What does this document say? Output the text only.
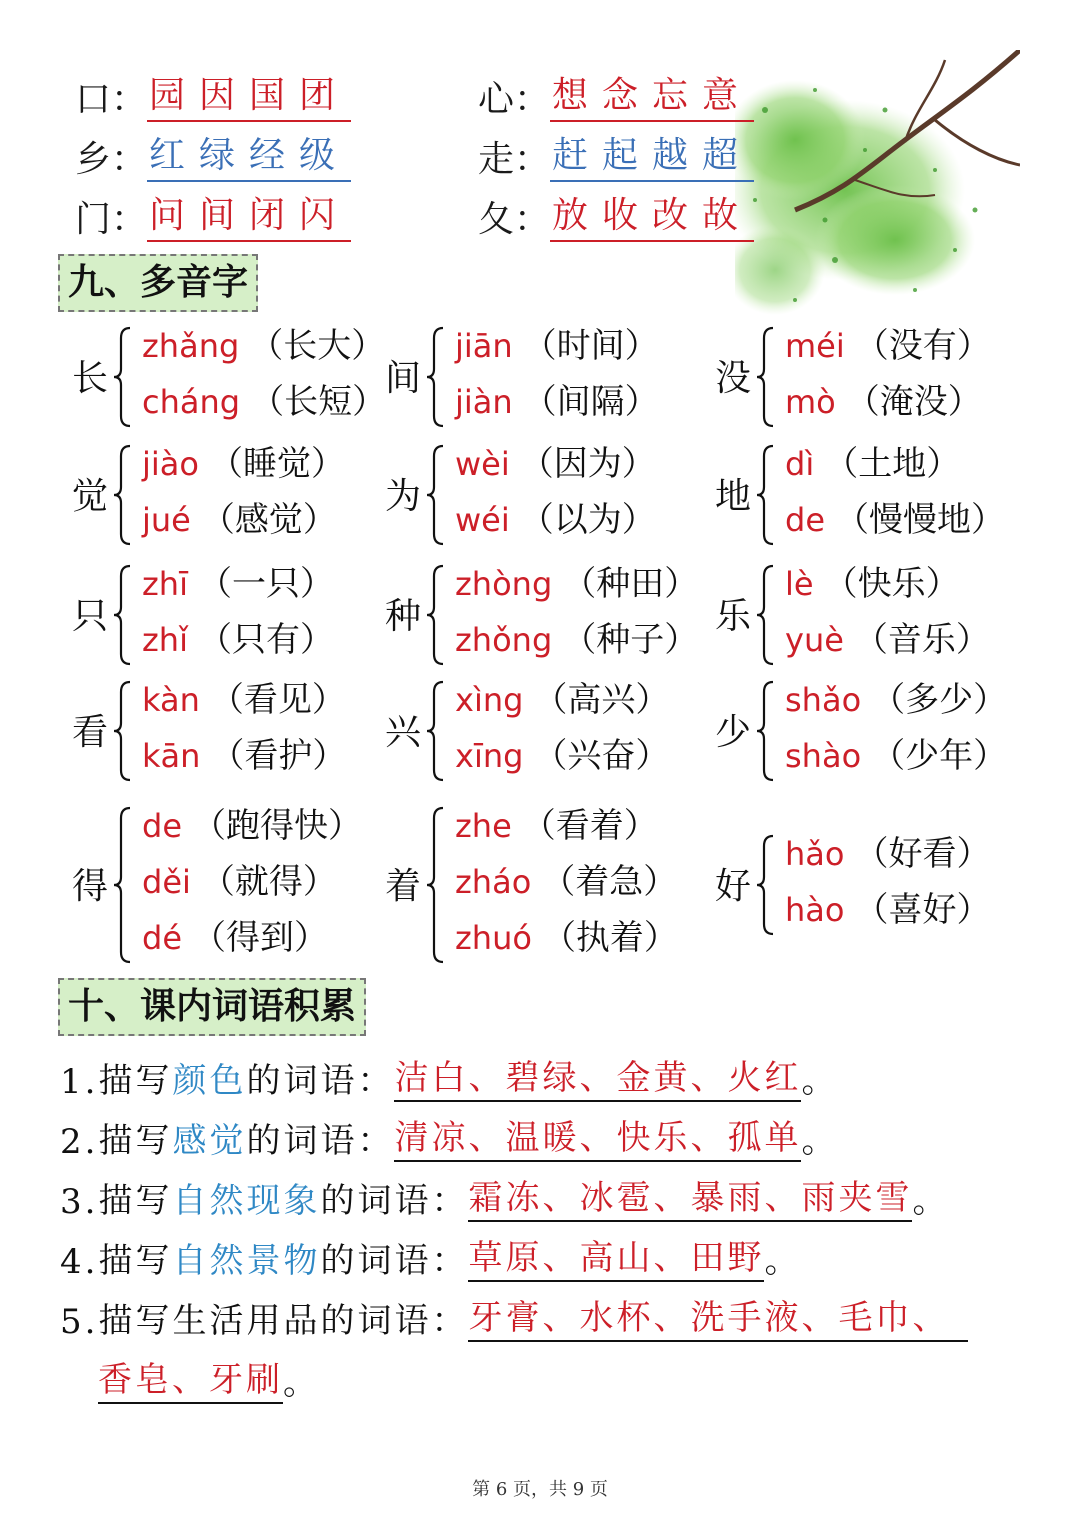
口： 园因国团
乡： 红绿经级
门： 问间闭闪
心： 想念忘意
走： 赶起越超
夂： 放收改故
九、多音字
长
zhǎng （长大）
cháng （长短）
间
jiān （时间）
jiàn （间隔）
没
méi （没有）
mò （淹没）
觉
jiào （睡觉）
jué （感觉）
为
wèi （因为）
wéi （以为）
地
dì （土地）
de （慢慢地）
只
zhī （一只）
zhǐ （只有）
种
zhòng （种田）
zhǒng （种子）
乐
lè （快乐）
yuè （音乐）
看
kàn （看见）
kān （看护）
兴
xìng （高兴）
xīng （兴奋）
少
shǎo （多少）
shào （少年）
得
de （跑得快）
děi （就得）
dé （得到）
着
zhe （看着）
zháo （着急）
zhuó （执着）
好
hǎo （好看）
hào （喜好）
十、课内词语积累
1. 描写 颜色 的词语： 洁白、碧绿、金黄、火红 。
2. 描写 感觉 的词语： 清凉、温暖、快乐、孤单 。
3. 描写 自然现象 的词语： 霜冻、冰雹、暴雨、雨夹雪 。
4. 描写 自然景物 的词语： 草原、高山、田野 。
5. 描写生活用品的词语： 牙膏、水杯、洗手液、毛巾、
香皂、牙刷 。
第 6 页，共 9 页
